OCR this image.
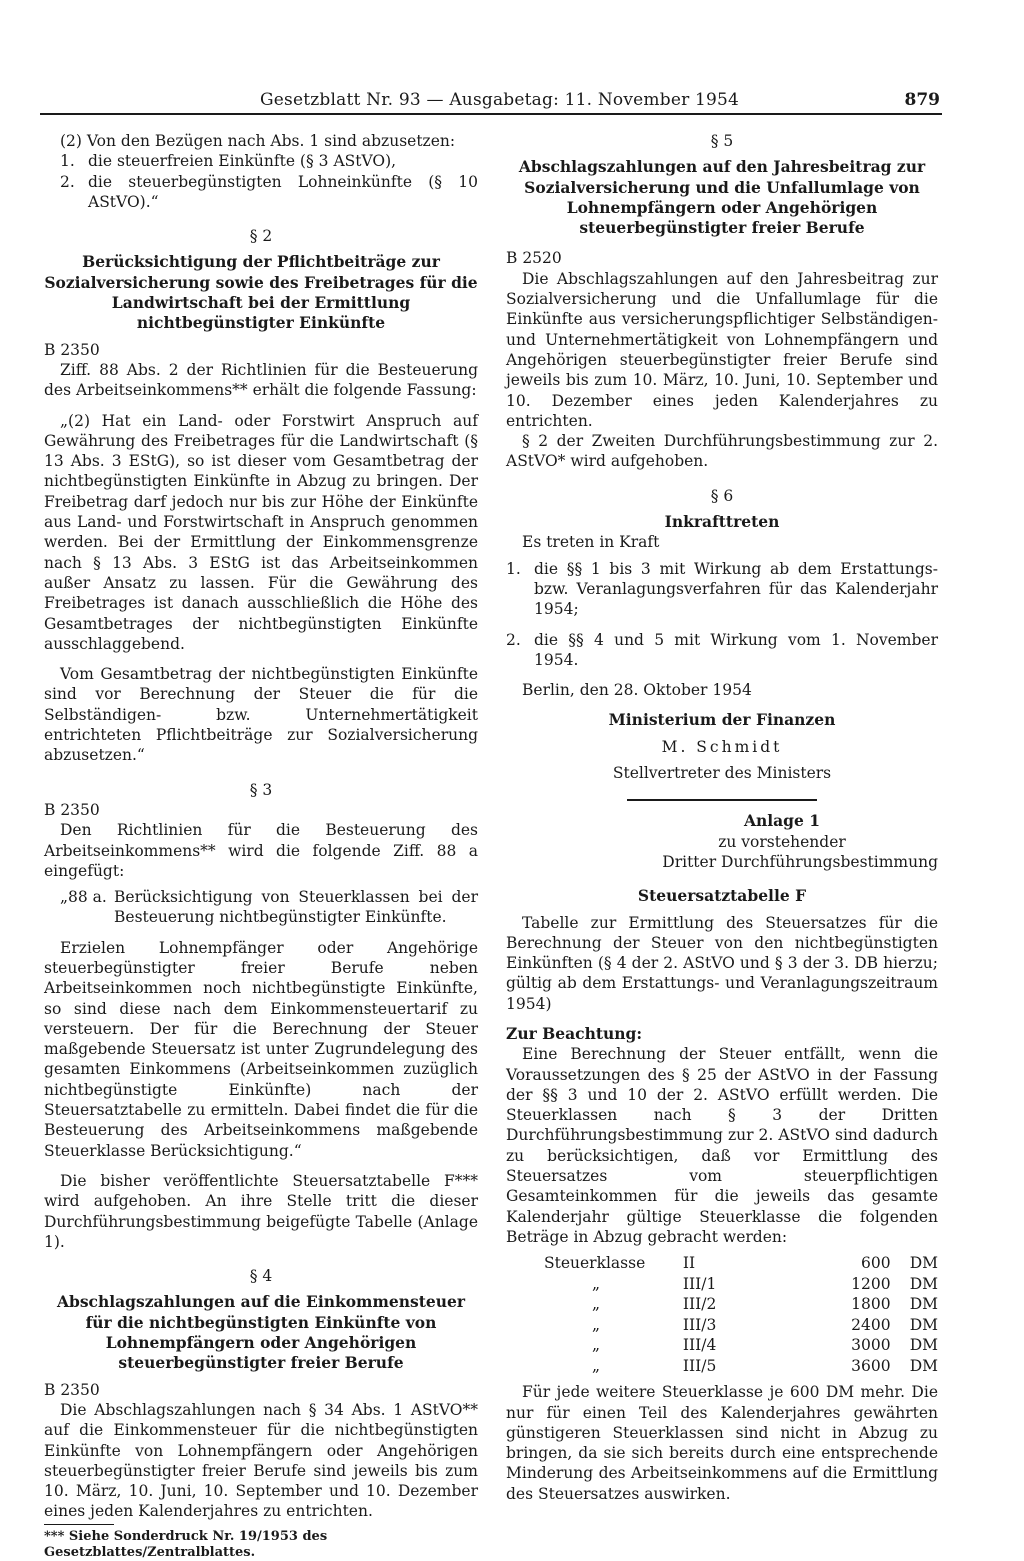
Gesetzblatt Nr. 93 — Ausgabetag: 11. November 1954	879

(2) Von den Bezügen nach Abs. 1 sind abzusetzen:

1. die steuerfreien Einkünfte (§ 3 AStVO),
2. die steuerbegünstigten Lohneinkünfte (§ 10 AStVO).“

§ 2

Berücksichtigung der Pflichtbeiträge zur Sozialversicherung sowie des Freibetrages für die Landwirtschaft bei der Ermittlung nichtbegünstigter Einkünfte

B 2350

Ziff. 88 Abs. 2 der Richtlinien für die Besteuerung des Arbeitseinkommens** erhält die folgende Fassung:

„(2) Hat ein Land- oder Forstwirt Anspruch auf Gewährung des Freibetrages für die Landwirtschaft (§ 13 Abs. 3 EStG), so ist dieser vom Gesamtbetrag der nichtbegünstigten Einkünfte in Abzug zu bringen. Der Freibetrag darf jedoch nur bis zur Höhe der Einkünfte aus Land- und Forstwirtschaft in Anspruch genommen werden. Bei der Ermittlung der Einkommensgrenze nach § 13 Abs. 3 EStG ist das Arbeitseinkommen außer Ansatz zu lassen. Für die Gewährung des Freibetrages ist danach ausschließlich die Höhe des Gesamtbetrages der nichtbegünstigten Einkünfte ausschlaggebend.

Vom Gesamtbetrag der nichtbegünstigten Einkünfte sind vor Berechnung der Steuer die für die Selbständigen- bzw. Unternehmertätigkeit entrichteten Pflichtbeiträge zur Sozialversicherung abzusetzen.“

§ 3

B 2350

Den Richtlinien für die Besteuerung des Arbeitseinkommens** wird die folgende Ziff. 88 a eingefügt:

„88 a. Berücksichtigung von Steuerklassen bei der Besteuerung nichtbegünstigter Einkünfte.

Erzielen Lohnempfänger oder Angehörige steuerbegünstigter freier Berufe neben Arbeitseinkommen noch nichtbegünstigte Einkünfte, so sind diese nach dem Einkommensteuertarif zu versteuern. Der für die Berechnung der Steuer maßgebende Steuersatz ist unter Zugrundelegung des gesamten Einkommens (Arbeitseinkommen zuzüglich nichtbegünstigte Einkünfte) nach der Steuersatztabelle zu ermitteln. Dabei findet die für die Besteuerung des Arbeitseinkommens maßgebende Steuerklasse Berücksichtigung.“

Die bisher veröffentlichte Steuersatztabelle F*** wird aufgehoben. An ihre Stelle tritt die dieser Durchführungsbestimmung beigefügte Tabelle (Anlage 1).

§ 4

Abschlagszahlungen auf die Einkommensteuer für die nichtbegünstigten Einkünfte von Lohnempfängern oder Angehörigen steuerbegünstigter freier Berufe

B 2350

Die Abschlagszahlungen nach § 34 Abs. 1 AStVO** auf die Einkommensteuer für die nichtbegünstigten Einkünfte von Lohnempfängern oder Angehörigen steuerbegünstigter freier Berufe sind jeweils bis zum 10. März, 10. Juni, 10. September und 10. Dezember eines jeden Kalenderjahres zu entrichten.

*** Siehe Sonderdruck Nr. 19/1953 des Gesetzblattes/Zentralblattes.

§ 5

Abschlagszahlungen auf den Jahresbeitrag zur Sozialversicherung und die Unfallumlage von Lohnempfängern oder Angehörigen steuerbegünstigter freier Berufe

B 2520

Die Abschlagszahlungen auf den Jahresbeitrag zur Sozialversicherung und die Unfallumlage für die Einkünfte aus versicherungspflichtiger Selbständigen- und Unternehmertätigkeit von Lohnempfängern und Angehörigen steuerbegünstigter freier Berufe sind jeweils bis zum 10. März, 10. Juni, 10. September und 10. Dezember eines jeden Kalenderjahres zu entrichten.

§ 2 der Zweiten Durchführungsbestimmung zur 2. AStVO* wird aufgehoben.

§ 6

Inkrafttreten

Es treten in Kraft

1. die §§ 1 bis 3 mit Wirkung ab dem Erstattungs- bzw. Veranlagungsverfahren für das Kalenderjahr 1954;
2. die §§ 4 und 5 mit Wirkung vom 1. November 1954.

Berlin, den 28. Oktober 1954

Ministerium der Finanzen

M. Schmidt

Stellvertreter des Ministers

Anlage 1

zu vorstehender

Dritter Durchführungsbestimmung

Steuersatztabelle F

Tabelle zur Ermittlung des Steuersatzes für die Berechnung der Steuer von den nichtbegünstigten Einkünften (§ 4 der 2. AStVO und § 3 der 3. DB hierzu; gültig ab dem Erstattungs- und Veranlagungszeitraum 1954)

Zur Beachtung:

Eine Berechnung der Steuer entfällt, wenn die Voraussetzungen des § 25 der AStVO in der Fassung der §§ 3 und 10 der 2. AStVO erfüllt werden. Die Steuerklassen nach § 3 der Dritten Durchführungsbestimmung zur 2. AStVO sind dadurch zu berücksichtigen, daß vor Ermittlung des Steuersatzes vom steuerpflichtigen Gesamteinkommen für die jeweils das gesamte Kalenderjahr gültige Steuerklasse die folgenden Beträge in Abzug gebracht werden:

Steuerklasse	II	600	DM
„	III/1	1200	DM
„	III/2	1800	DM
„	III/3	2400	DM
„	III/4	3000	DM
„	III/5	3600	DM

Für jede weitere Steuerklasse je 600 DM mehr. Die nur für einen Teil des Kalenderjahres gewährten günstigeren Steuerklassen sind nicht in Abzug zu bringen, da sie sich bereits durch eine entsprechende Minderung des Arbeitseinkommens auf die Ermittlung des Steuersatzes auswirken.
